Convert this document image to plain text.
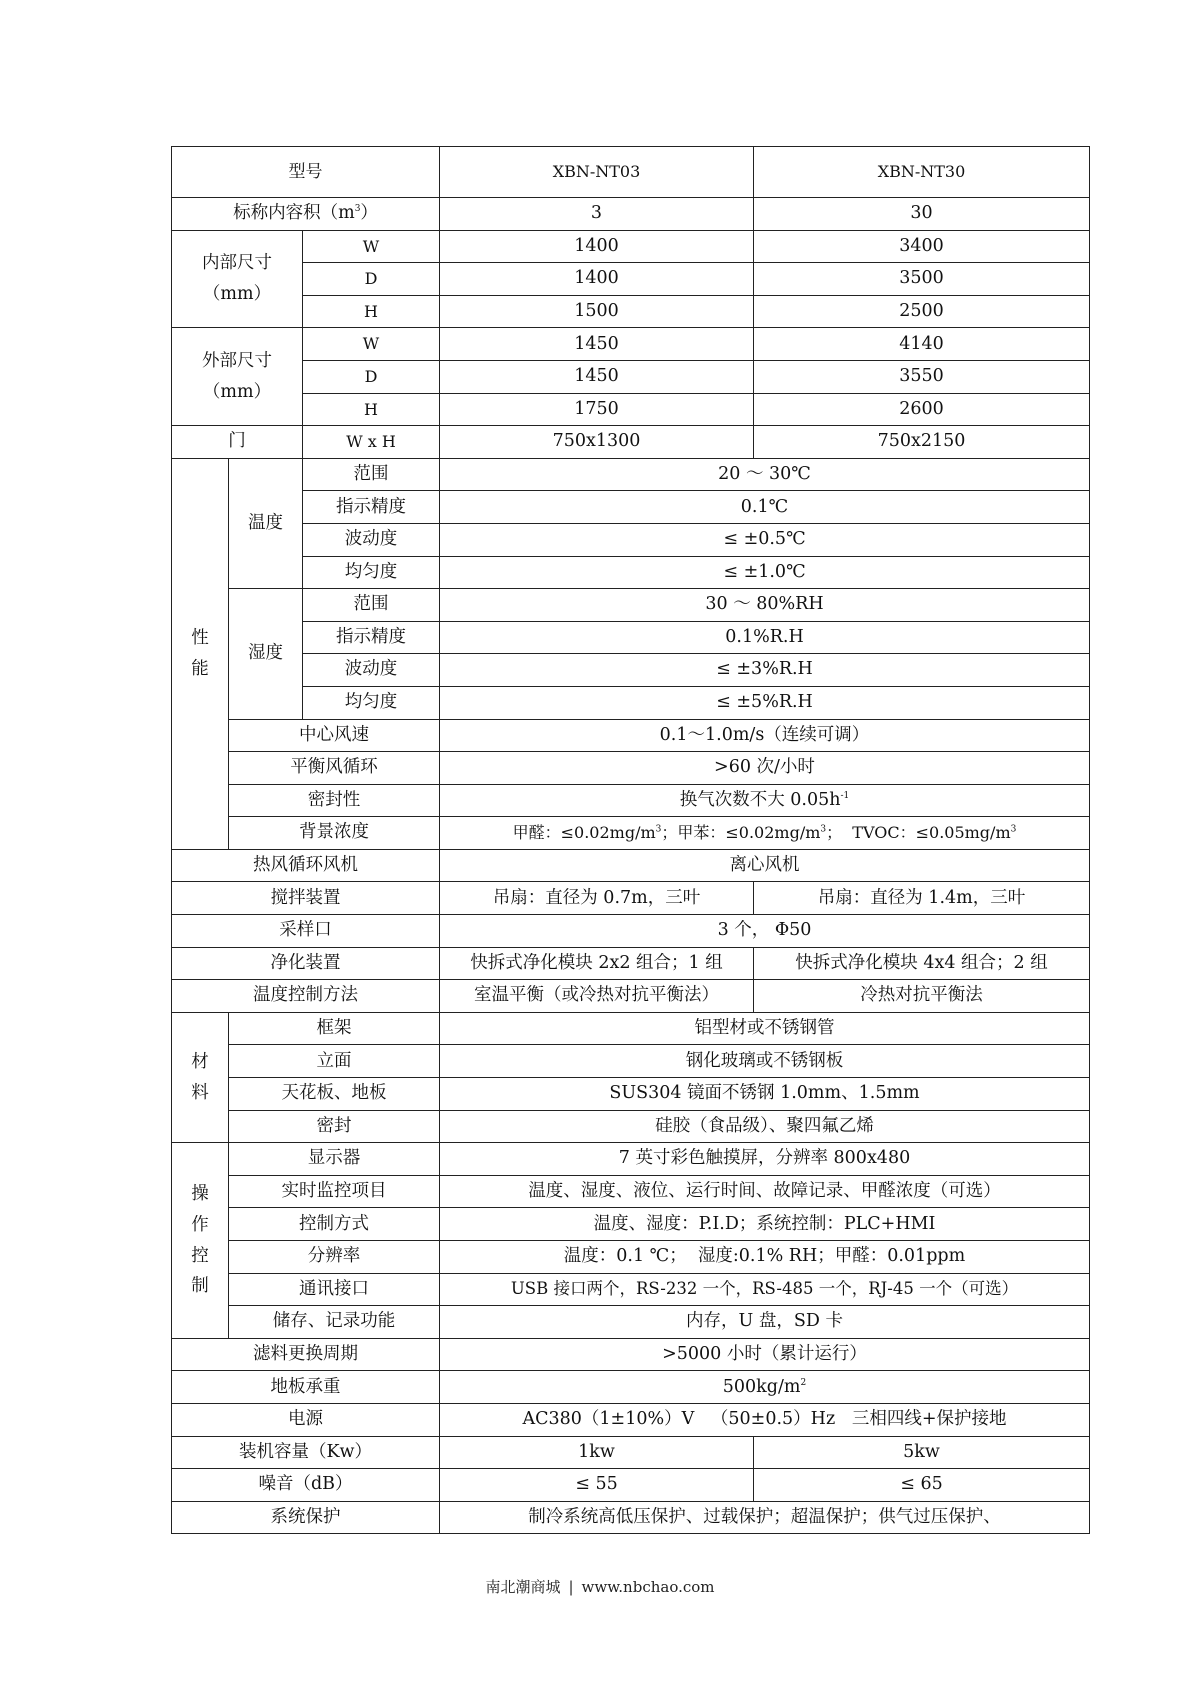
型号			XBN-NT03	XBN-NT30
标称内容积$(m^3)$			3	30
内部尺寸
（mm）		W	1400	3400
		D	1400	3500
		H	1500	2500
外部尺寸
（mm）		W	1450	4140
		D	1450	3550
		H	1750	2600
门		W x H	750x1300	750x2150
性
能	温度	范围	20 ～ 30℃	
		指示精度	0.1℃	
		波动度	≤ ±0.5℃	
		均匀度	≤ ±1.0℃	
	湿度	范围	30 ～ 80%RH	
		指示精度	0.1%R.H	
		波动度	≤ ±3%R.H	
		均匀度	≤ ±5%R.H	
	中心风速		0.1～1.0m/s（连续可调）	
	平衡风循环		>60 次/小时	
	密封性		换气次数不大 $0.05h^{-1}$
	背景浓度		甲醛：$\le 0.02mg/m^3$；甲苯：$\le 0.02mg/m^3$；  TVOC：$\le 0.05mg/m^3$
热风循环风机			离心风机	
搅拌装置			吊扇：直径为 0.7m，三叶	吊扇：直径为 1.4m，三叶
采样口			3 个， Φ50	
净化装置			快拆式净化模块 2x2 组合；1 组	快拆式净化模块 4x4 组合；2 组
温度控制方法			室温平衡（或冷热对抗平衡法）	冷热对抗平衡法
材
料	框架		铝型材或不锈钢管	
	立面		钢化玻璃或不锈钢板	
	天花板、地板		SUS304 镜面不锈钢 1.0mm、1.5mm	
	密封		硅胶（食品级）、聚四氟乙烯	
操
作
控
制	显示器		7 英寸彩色触摸屏，分辨率 800x480	
	实时监控项目		温度、湿度、液位、运行时间、故障记录、甲醛浓度（可选）	
	控制方式		温度、湿度：P.I.D；系统控制：PLC+HMI	
	分辨率		温度：0.1 ℃；  湿度:0.1% RH；甲醛：0.01ppm	
	通讯接口		USB 接口两个，RS-232 一个，RS-485 一个，RJ-45 一个（可选）	
	储存、记录功能		内存，U 盘，SD 卡	
滤料更换周期			>5000 小时（累计运行）	
地板承重			$500kg/m^2$
电源			AC380（1±10%）V   （50±0.5）Hz   三相四线+保护接地	
装机容量（Kw）			1kw	5kw
噪音（dB）			≤ 55	≤ 65
系统保护			制冷系统高低压保护、过载保护；超温保护；供气过压保护、	
南北潮商城 | www.nbchao.com
